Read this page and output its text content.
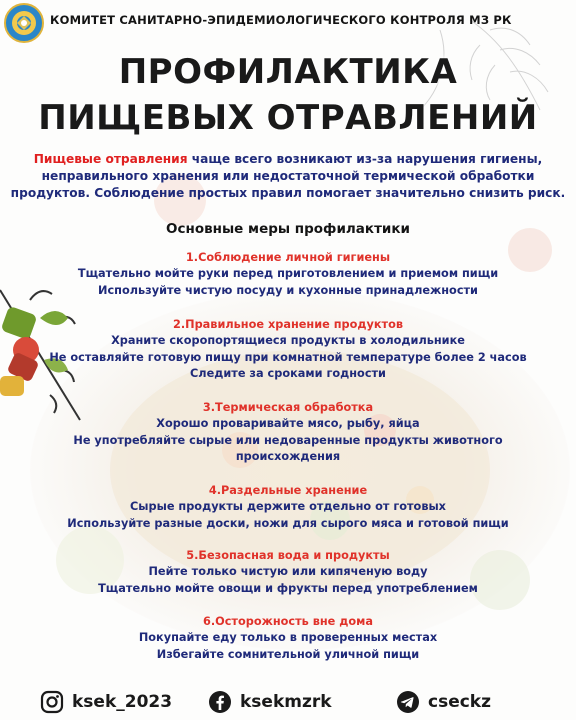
КОМИТЕТ САНИТАРНО-ЭПИДЕМИОЛОГИЧЕСКОГО КОНТРОЛЯ МЗ РК
ПРОФИЛАКТИКА
ПИЩЕВЫХ ОТРАВЛЕНИЙ
Пищевые отравления чаще всего возникают из-за нарушения гигиены, неправильного хранения или недостаточной термической обработки продуктов. Соблюдение простых правил помогает значительно снизить риск.
Основные меры профилактики
1.Соблюдение личной гигиены
Тщательно мойте руки перед приготовлением и приемом пищи
Используйте чистую посуду и кухонные принадлежности
2.Правильное хранение продуктов
Храните скоропортящиеся продукты в холодильнике
Не оставляйте готовую пищу при комнатной температуре более 2 часов
Следите за сроками годности
3.Термическая обработка
Хорошо проваривайте мясо, рыбу, яйца
Не употребляйте сырые или недоваренные продукты животного
происхождения
4.Раздельные хранение
Сырые продукты держите отдельно от готовых
Используйте разные доски, ножи для сырого мяса и готовой пищи
5.Безопасная вода и продукты
Пейте только чистую или кипяченую воду
Тщательно мойте овощи и фрукты перед употреблением
6.Осторожность вне дома
Покупайте еду только в проверенных местах
Избегайте сомнительной уличной пищи
ksek_2023	ksekmzrk	cseckz
